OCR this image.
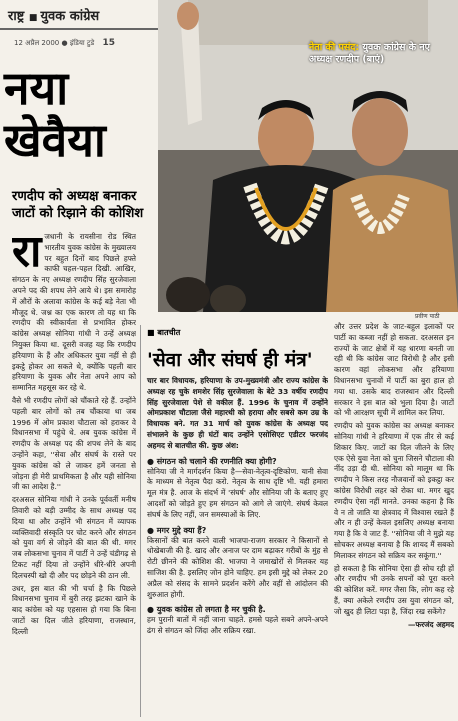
राष्ट्र ■ युवक कांग्रेस
12 अप्रैल 2000 ● इंडिया टुडे 15	नेता की पसंद: युवक कांग्रेस के नए अध्यक्ष रणदीप (बाएं)
प्रवीण पाठी
नया खेवैया
रणदीप को अध्यक्ष बनाकर जाटों को रिझाने की कोशिश

राजधानी के रायसीना रोड स्थित भारतीय युवक कांग्रेस के मुख्यालय पर बहुत दिनों बाद पिछले हफ्ते काफी चहल-पहल दिखी. आखिर, संगठन के नए अध्यक्ष रणदीप सिंह सुरजेवाला अपने पद की शपथ लेने आये थे। इस समारोह में औरों के अलावा कांग्रेस के कई बड़े नेता भी मौजूद थे. जश्न का एक कारण तो यह था कि रणदीप की स्वीकार्यता से प्रभावित होकर कांग्रेस अध्यक्ष सोनिया गांधी ने उन्हें अध्यक्ष नियुक्त किया था. दूसरी वजह यह कि रणदीप हरियाणा के हैं और अधिकतर युवा नहीं से ही इकट्ठे होकर आ सकते थे, क्योंकि पहली बार हरियाणा के युवक और नेता अपने आप को सम्मानित महसूस कर रहे थे.

वैसे भी रणदीप लोगों को चौंकाते रहे हैं. उन्होंने पहली बार लोगों को तब चौंकाया था जब 1996 में ओम प्रकाश चौटाला को हराकर वे विधानसभा में पहुंचे थे. अब युवक कांग्रेस में रणदीप के अध्यक्ष पद की शपथ लेने के बाद उन्होंने कहा, ''सेवा और संघर्ष के रास्ते पर युवक कांग्रेस को ले जाकर हमें जनता से जोड़ना ही मेरी प्राथमिकता है और यही सोनिया जी का आदेश है.''

दरअसल सोनिया गांधी ने उनके पूर्ववर्ती मनीष तिवारी को बड़ी उम्मीद के साथ अध्यक्ष पद दिया था और उन्होंने भी संगठन में व्यापक व्यक्तिवादी संस्कृति पर चोट करने और संगठन को युवा वर्ग से जोड़ने की बात की थी. मगर जब लोकसभा चुनाव में पार्टी ने उन्हें चंडीगढ़ से टिकट नहीं दिया तो उन्होंने धीरे-धीरे अपनी दिलचस्पी खो दी और पद छोड़ने की ठान ली.

उधर, इस बात की भी चर्चा है कि पिछले विधानसभा चुनाव में बुरी तरह झटका खाने के बाद कांग्रेस को यह एहसास हो गया कि बिना जाटों का दिल जीते हरियाणा, राजस्थान, दिल्ली

■ बातचीत
'सेवा और संघर्ष ही मंत्र'
चार बार विधायक, हरियाणा के उप-मुख्यमंत्री और राज्य कांग्रेस के अध्यक्ष रह चुके शमशेर सिंह सुरजेवाला के बेटे 33 वर्षीय रणदीप सिंह सुरजेवाला पेशे से वकील हैं. 1996 के चुनाव में उन्होंने ओमप्रकाश चौटाला जैसे महारथी को हराया और सबसे कम उम्र के विधायक बने. गत 31 मार्च को युवक कांग्रेस के अध्यक्ष पद संभालने के कुछ ही घंटों बाद उन्होंने एसोसिएट एडीटर फरजंद अहमद से बातचीत की. कुछ अंश:
● संगठन को चलाने की रणनीति क्या होगी?
सोनिया जी ने मार्गदर्शन किया है—सेवा-नेतृत्व-दृष्टिकोण. यानी सेवा के माध्यम से नेतृत्व पैदा करो. नेतृत्व के साथ दृष्टि भी. यही हमारा मूल मंत्र है. आज के संदर्भ में 'संघर्ष' और सोनिया जी के बताए हुए आदर्शों को जोड़ते हुए हम संगठन को आगे ले जाएंगे. संघर्ष केवल संघर्ष के लिए नहीं, जन समस्याओं के लिए.
● मगर मुद्दे क्या हैं?
किसानों की बात करने वाली भाजपा-राजग सरकार ने किसानों से धोखेबाजी की है. खाद और अनाज पर दाम बढ़ाकर गरीबों के मुंह से रोटी छीनने की कोशिश की. भाजपा ने जमाखोरों से मिलकर यह साजिश की है. इसलिए जोन होने चाहिए. हम इसी मुद्दे को लेकर 20 अप्रैल को संसद के सामने प्रदर्शन करेंगे और वहीं से आंदोलन की शुरुआत होगी.
● युवक कांग्रेस तो लगता है मर चुकी है.
हम पुरानी बातों में नहीं जाना चाहते. हमसे पहले सबने अपने-अपने ढंग से संगठन को जिंदा और सक्रिय रखा.

और उत्तर प्रदेश के जाट-बहुल इलाकों पर पार्टी का कब्जा नहीं हो सकता. दरअसल इन राज्यों के जाट क्षेत्रों में यह धारणा बनती जा रही थी कि कांग्रेस जाट विरोधी है और इसी कारण वहां लोकसभा और हरियाणा विधानसभा चुनावों में पार्टी का बुरा हाल हो गया था. उसके बाद राजस्थान और दिल्ली सरकार ने इस बात को भुला दिया है। जाटों को भी आरक्षण सूची में शामिल कर लिया.

रणदीप को युवक कांग्रेस का अध्यक्ष बनाकर सोनिया गांधी ने हरियाणा में एक तीर से कई शिकार किए. जाटों का दिल जीतने के लिए एक ऐसे युवा नेता को चुना जिसने चौटाला की नींद उड़ा दी थी. सोनिया को मालूम था कि रणदीप ने किस तरह नौजवानों को इकट्ठा कर कांग्रेस विरोधी लहर को रोका था. मगर खुद रणदीप ऐसा नहीं मानते. उनका कहना है कि वे न तो जाति या क्षेत्रवाद में विश्वास रखते हैं और न ही उन्हें केवल इसलिए अध्यक्ष बनाया गया है कि वे जाट हैं. ''सोनिया जी ने मुझे यह सोचकर अध्यक्ष बनाया है कि शायद मैं सबको मिलाकर संगठन को सक्रिय कर सकूंगा.''

हो सकता है कि सोनिया ऐसा ही सोच रही हों और रणदीप भी उनके सपनों को पूरा करने की कोशिश करें. मगर जैसा कि, लोग कह रहे हैं, क्या अकेले रणदीप उस युवा संगठन को, जो खुद ही लिटा पड़ा है, जिंदा रख सकेंगे?

—फरजंद अहमद
